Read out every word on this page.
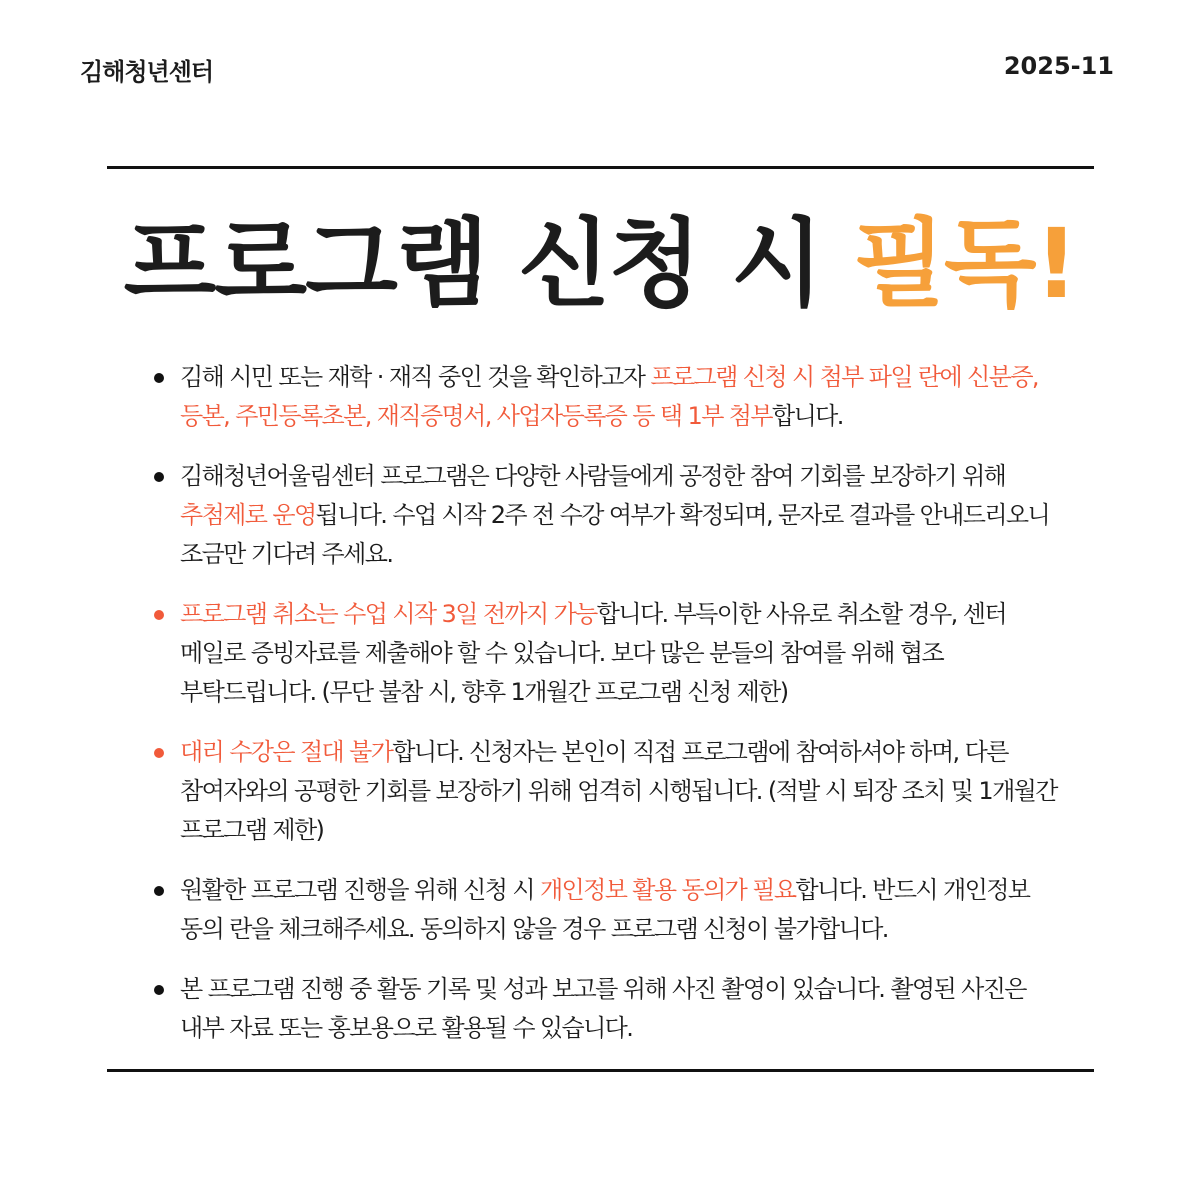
김해청년센터	2025-11
프로그램 신청 시 필독!
김해 시민 또는 재학 · 재직 중인 것을 확인하고자 프로그램 신청 시 첨부 파일 란에 신분증, 등본, 주민등록초본, 재직증명서, 사업자등록증 등 택 1부 첨부합니다.
김해청년어울림센터 프로그램은 다양한 사람들에게 공정한 참여 기회를 보장하기 위해 추첨제로 운영됩니다. 수업 시작 2주 전 수강 여부가 확정되며, 문자로 결과를 안내드리오니 조금만 기다려 주세요.
프로그램 취소는 수업 시작 3일 전까지 가능합니다. 부득이한 사유로 취소할 경우, 센터 메일로 증빙자료를 제출해야 할 수 있습니다. 보다 많은 분들의 참여를 위해 협조 부탁드립니다. (무단 불참 시, 향후 1개월간 프로그램 신청 제한)
대리 수강은 절대 불가합니다. 신청자는 본인이 직접 프로그램에 참여하셔야 하며, 다른 참여자와의 공평한 기회를 보장하기 위해 엄격히 시행됩니다. (적발 시 퇴장 조치 및 1개월간 프로그램 제한)
원활한 프로그램 진행을 위해 신청 시 개인정보 활용 동의가 필요합니다. 반드시 개인정보 동의 란을 체크해주세요. 동의하지 않을 경우 프로그램 신청이 불가합니다.
본 프로그램 진행 중 활동 기록 및 성과 보고를 위해 사진 촬영이 있습니다. 촬영된 사진은 내부 자료 또는 홍보용으로 활용될 수 있습니다.
